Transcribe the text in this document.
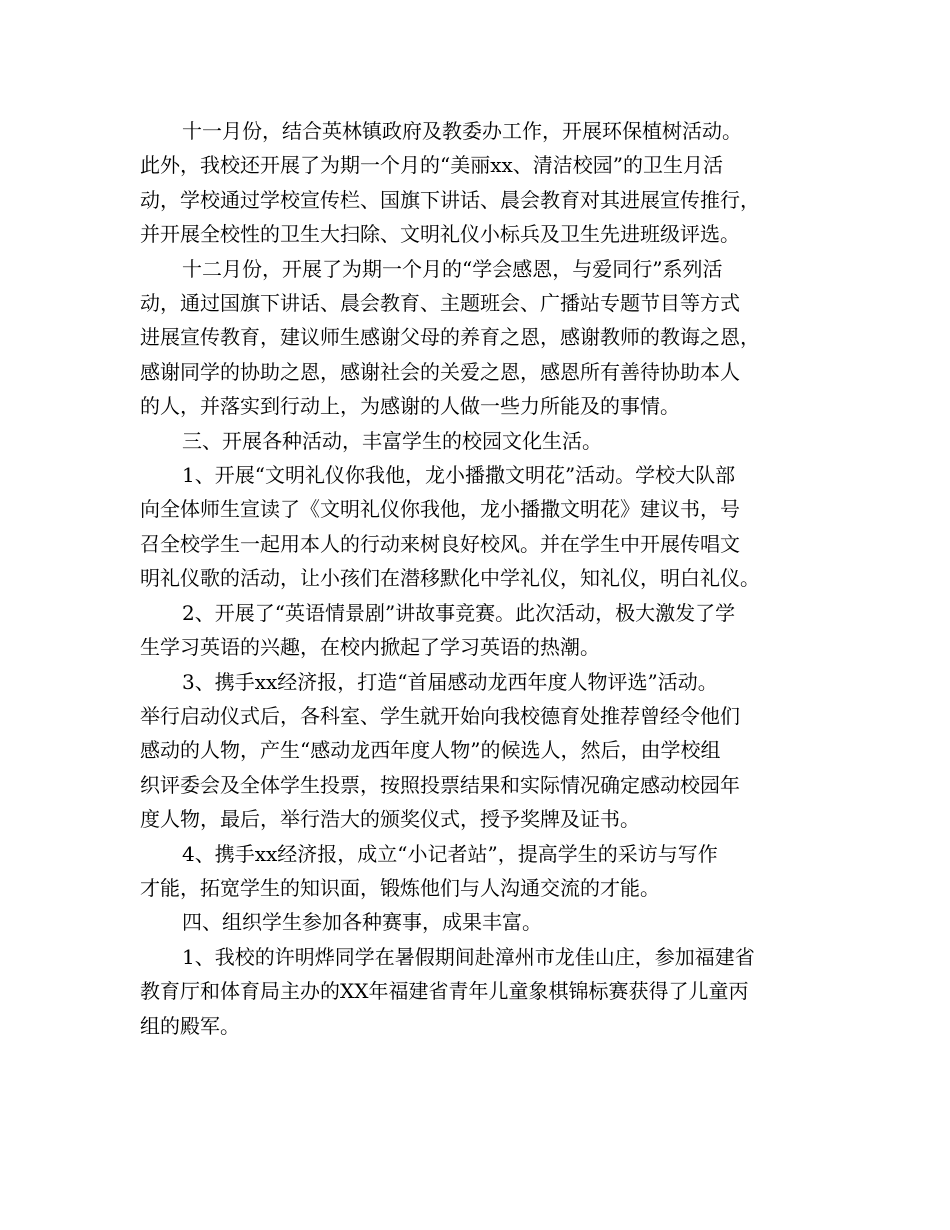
十一月份，结合英林镇政府及教委办工作，开展环保植树活动。
此外，我校还开展了为期一个月的“美丽xx、清洁校园”的卫生月活
动，学校通过学校宣传栏、国旗下讲话、晨会教育对其进展宣传推行，
并开展全校性的卫生大扫除、文明礼仪小标兵及卫生先进班级评选。

十二月份，开展了为期一个月的“学会感恩，与爱同行”系列活
动，通过国旗下讲话、晨会教育、主题班会、广播站专题节目等方式
进展宣传教育，建议师生感谢父母的养育之恩，感谢教师的教诲之恩，
感谢同学的协助之恩，感谢社会的关爱之恩，感恩所有善待协助本人
的人，并落实到行动上，为感谢的人做一些力所能及的事情。

三、开展各种活动，丰富学生的校园文化生活。

1、开展“文明礼仪你我他，龙小播撒文明花”活动。学校大队部
向全体师生宣读了《文明礼仪你我他，龙小播撒文明花》建议书，号
召全校学生一起用本人的行动来树良好校风。并在学生中开展传唱文
明礼仪歌的活动，让小孩们在潜移默化中学礼仪，知礼仪，明白礼仪。

2、开展了“英语情景剧”讲故事竞赛。此次活动，极大激发了学
生学习英语的兴趣，在校内掀起了学习英语的热潮。

3、携手xx经济报，打造“首届感动龙西年度人物评选”活动。
举行启动仪式后，各科室、学生就开始向我校德育处推荐曾经令他们
感动的人物，产生“感动龙西年度人物”的候选人，然后，由学校组
织评委会及全体学生投票，按照投票结果和实际情况确定感动校园年
度人物，最后，举行浩大的颁奖仪式，授予奖牌及证书。

4、携手xx经济报，成立“小记者站”，提高学生的采访与写作
才能，拓宽学生的知识面，锻炼他们与人沟通交流的才能。

四、组织学生参加各种赛事，成果丰富。

1、我校的许明烨同学在暑假期间赴漳州市龙佳山庄，参加福建省
教育厅和体育局主办的XX年福建省青年儿童象棋锦标赛获得了儿童丙
组的殿军。
